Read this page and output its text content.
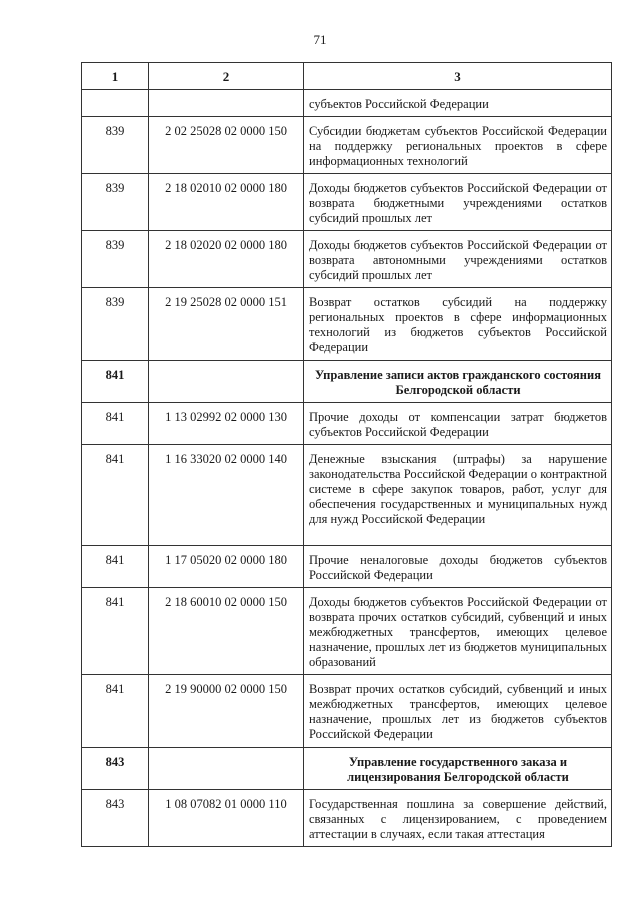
71
1	2	3
		субъектов Российской Федерации
839	2 02 25028 02 0000 150	Субсидии бюджетам субъектов Российской Федерации на поддержку региональных проектов в сфере информационных технологий
839	2 18 02010 02 0000 180	Доходы бюджетов субъектов Российской Федерации от возврата бюджетными учреждениями остатков субсидий прошлых лет
839	2 18 02020 02 0000 180	Доходы бюджетов субъектов Российской Федерации от возврата автономными учреждениями остатков субсидий прошлых лет
839	2 19 25028 02 0000 151	Возврат остатков субсидий на поддержку региональных проектов в сфере информационных технологий из бюджетов субъектов Российской Федерации
841		Управление записи актов гражданского состояния Белгородской области
841	1 13 02992 02 0000 130	Прочие доходы от компенсации затрат бюджетов субъектов Российской Федерации
841	1 16 33020 02 0000 140	Денежные взыскания (штрафы) за нарушение законодательства Российской Федерации о контрактной системе в сфере закупок товаров, работ, услуг для обеспечения государственных и муниципальных нужд для нужд Российской Федерации
841	1 17 05020 02 0000 180	Прочие неналоговые доходы бюджетов субъектов Российской Федерации
841	2 18 60010 02 0000 150	Доходы бюджетов субъектов Российской Федерации от возврата прочих остатков субсидий, субвенций и иных межбюджетных трансфертов, имеющих целевое назначение, прошлых лет из бюджетов муниципальных образований
841	2 19 90000 02 0000 150	Возврат прочих остатков субсидий, субвенций и иных межбюджетных трансфертов, имеющих целевое назначение, прошлых лет из бюджетов субъектов Российской Федерации
843		Управление государственного заказа и лицензирования Белгородской области
843	1 08 07082 01 0000 110	Государственная пошлина за совершение действий, связанных с лицензированием, с проведением аттестации в случаях, если такая аттестация
